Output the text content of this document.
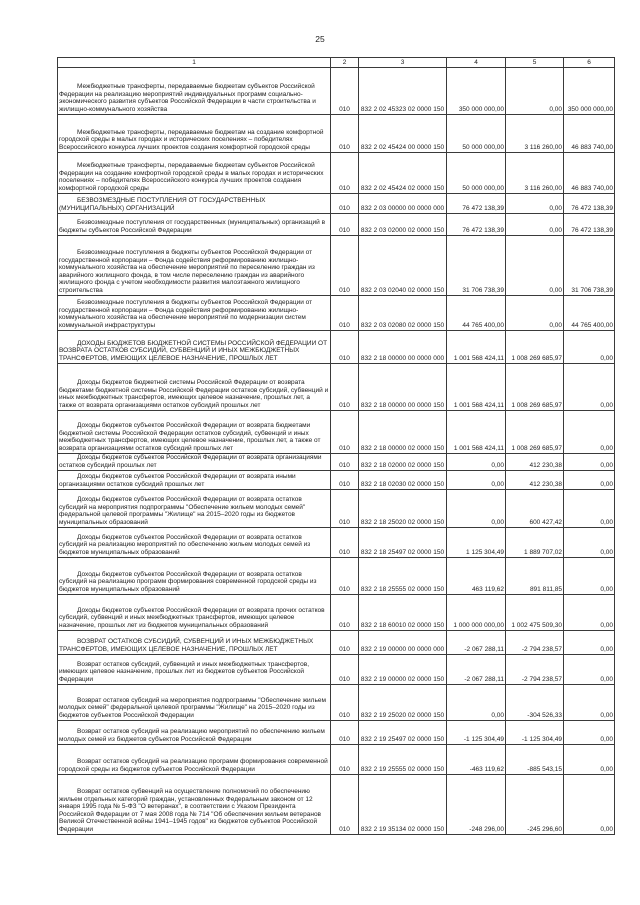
25
1	2	3	4	5	6
Межбюджетные трансферты, передаваемые бюджетам субъектов Российской Федерации на реализацию мероприятий индивидуальных программ социально-экономического развития субъектов Российской Федерации в части строительства и жилищно-коммунального хозяйства	010	832 2 02 45323 02 0000 150	350 000 000,00	0,00	350 000 000,00
Межбюджетные трансферты, передаваемые бюджетам на создание комфортной городской среды в малых городах и исторических поселениях – победителях Всероссийского конкурса лучших проектов создания комфортной городской среды	010	832 2 02 45424 00 0000 150	50 000 000,00	3 116 260,00	46 883 740,00
Межбюджетные трансферты, передаваемые бюджетам субъектов Российской Федерации на создание комфортной городской среды в малых городах и исторических поселениях – победителях Всероссийского конкурса лучших проектов создания комфортной городской среды	010	832 2 02 45424 02 0000 150	50 000 000,00	3 116 260,00	46 883 740,00
БЕЗВОЗМЕЗДНЫЕ ПОСТУПЛЕНИЯ ОТ ГОСУДАРСТВЕННЫХ (МУНИЦИПАЛЬНЫХ) ОРГАНИЗАЦИЙ	010	832 2 03 00000 00 0000 000	76 472 138,39	0,00	76 472 138,39
Безвозмездные поступления от государственных (муниципальных) организаций в бюджеты субъектов Российской Федерации	010	832 2 03 02000 02 0000 150	76 472 138,39	0,00	76 472 138,39
Безвозмездные поступления в бюджеты субъектов Российской Федерации от государственной корпорации – Фонда содействия реформированию жилищно-коммунального хозяйства на обеспечение мероприятий по переселению граждан из аварийного жилищного фонда, в том числе переселению граждан из аварийного жилищного фонда с учетом необходимости развития малоэтажного жилищного строительства	010	832 2 03 02040 02 0000 150	31 706 738,39	0,00	31 706 738,39
Безвозмездные поступления в бюджеты субъектов Российской Федерации от государственной корпорации – Фонда содействия реформированию жилищно-коммунального хозяйства на обеспечение мероприятий по модернизации систем коммунальной инфраструктуры	010	832 2 03 02080 02 0000 150	44 765 400,00	0,00	44 765 400,00
ДОХОДЫ БЮДЖЕТОВ БЮДЖЕТНОЙ СИСТЕМЫ РОССИЙСКОЙ ФЕДЕРАЦИИ ОТ ВОЗВРАТА ОСТАТКОВ СУБСИДИЙ, СУБВЕНЦИЙ И ИНЫХ МЕЖБЮДЖЕТНЫХ ТРАНСФЕРТОВ, ИМЕЮЩИХ ЦЕЛЕВОЕ НАЗНАЧЕНИЕ, ПРОШЛЫХ ЛЕТ	010	832 2 18 00000 00 0000 000	1 001 568 424,11	1 008 269 685,97	0,00
Доходы бюджетов бюджетной системы Российской Федерации от возврата бюджетами бюджетной системы Российской Федерации остатков субсидий, субвенций и иных межбюджетных трансфертов, имеющих целевое назначение, прошлых лет, а также от возврата организациями остатков субсидий прошлых лет	010	832 2 18 00000 00 0000 150	1 001 568 424,11	1 008 269 685,97	0,00
Доходы бюджетов субъектов Российской Федерации от возврата бюджетами бюджетной системы Российской Федерации остатков субсидий, субвенций и иных межбюджетных трансфертов, имеющих целевое назначение, прошлых лет, а также от возврата организациями остатков субсидий прошлых лет	010	832 2 18 00000 02 0000 150	1 001 568 424,11	1 008 269 685,97	0,00
Доходы бюджетов субъектов Российской Федерации от возврата организациями остатков субсидий прошлых лет	010	832 2 18 02000 02 0000 150	0,00	412 230,38	0,00
Доходы бюджетов субъектов Российской Федерации от возврата иными организациями остатков субсидий прошлых лет	010	832 2 18 02030 02 0000 150	0,00	412 230,38	0,00
Доходы бюджетов субъектов Российской Федерации от возврата остатков субсидий на мероприятия подпрограммы "Обеспечение жильем молодых семей" федеральной целевой программы "Жилище" на 2015–2020 годы из бюджетов муниципальных образований	010	832 2 18 25020 02 0000 150	0,00	600 427,42	0,00
Доходы бюджетов субъектов Российской Федерации от возврата остатков субсидий на реализацию мероприятий по обеспечению жильем молодых семей из бюджетов муниципальных образований	010	832 2 18 25497 02 0000 150	1 125 304,49	1 889 707,02	0,00
Доходы бюджетов субъектов Российской Федерации от возврата остатков субсидий на реализацию программ формирования современной городской среды из бюджетов муниципальных образований	010	832 2 18 25555 02 0000 150	463 119,62	891 811,85	0,00
Доходы бюджетов субъектов Российской Федерации от возврата прочих остатков субсидий, субвенций и иных межбюджетных трансфертов, имеющих целевое назначение, прошлых лет из бюджетов муниципальных образований	010	832 2 18 60010 02 0000 150	1 000 000 000,00	1 002 475 509,30	0,00
ВОЗВРАТ ОСТАТКОВ СУБСИДИЙ, СУБВЕНЦИЙ И ИНЫХ МЕЖБЮДЖЕТНЫХ ТРАНСФЕРТОВ, ИМЕЮЩИХ ЦЕЛЕВОЕ НАЗНАЧЕНИЕ, ПРОШЛЫХ ЛЕТ	010	832 2 19 00000 00 0000 000	-2 067 288,11	-2 794 238,57	0,00
Возврат остатков субсидий, субвенций и иных межбюджетных трансфертов, имеющих целевое назначение, прошлых лет из бюджетов субъектов Российской Федерации	010	832 2 19 00000 02 0000 150	-2 067 288,11	-2 794 238,57	0,00
Возврат остатков субсидий на мероприятия подпрограммы "Обеспечение жильем молодых семей" федеральной целевой программы "Жилище" на 2015–2020 годы из бюджетов субъектов Российской Федерации	010	832 2 19 25020 02 0000 150	0,00	-304 526,33	0,00
Возврат остатков субсидий на реализацию мероприятий по обеспечению жильем молодых семей из бюджетов субъектов Российской Федерации	010	832 2 19 25497 02 0000 150	-1 125 304,49	-1 125 304,49	0,00
Возврат остатков субсидий на реализацию программ формирования современной городской среды из бюджетов субъектов Российской Федерации	010	832 2 19 25555 02 0000 150	-463 119,62	-885 543,15	0,00
Возврат остатков субвенций на осуществление полномочий по обеспечению жильем отдельных категорий граждан, установленных Федеральным законом от 12 января 1995 года № 5-ФЗ "О ветеранах", в соответствии с Указом Президента Российской Федерации от 7 мая 2008 года № 714 "Об обеспечении жильем ветеранов Великой Отечественной войны 1941–1945 годов" из бюджетов субъектов Российской Федерации	010	832 2 19 35134 02 0000 150	-248 296,00	-245 296,60	0,00
